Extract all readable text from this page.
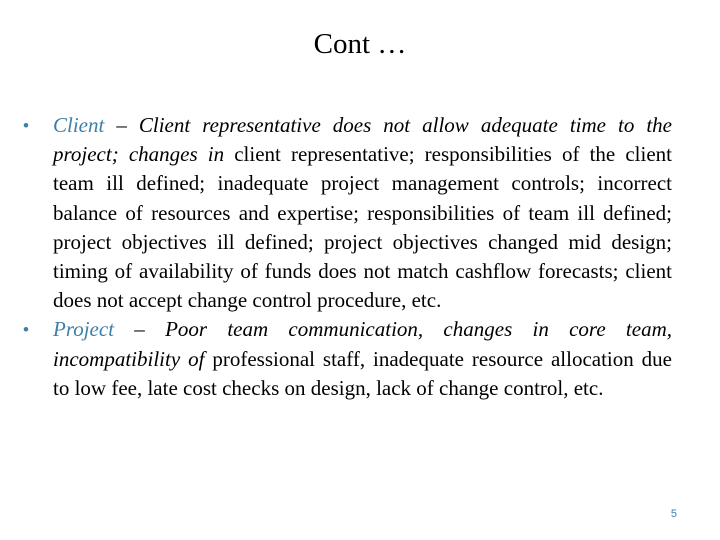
Cont …
• Client – Client representative does not allow adequate time to the project; changes in client representative; responsibilities of the client team ill defined; inadequate project management controls; incorrect balance of resources and expertise; responsibilities of team ill defined; project objectives ill defined; project objectives changed mid design; timing of availability of funds does not match cashflow forecasts; client does not accept change control procedure, etc.
• Project – Poor team communication, changes in core team, incompatibility of professional staff, inadequate resource allocation due to low fee, late cost checks on design, lack of change control, etc.
5
